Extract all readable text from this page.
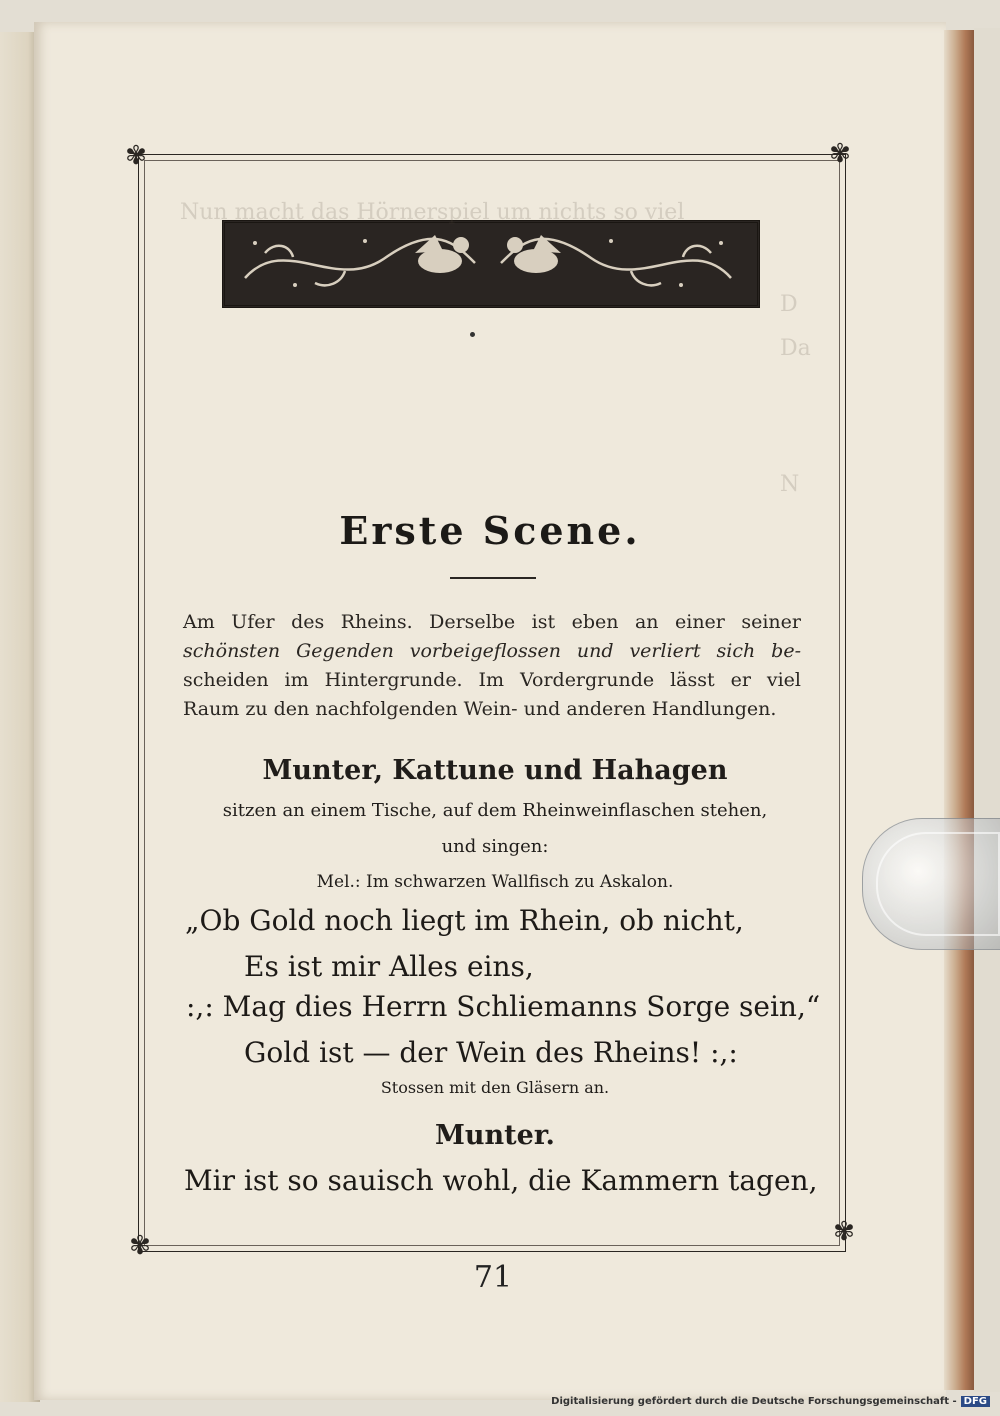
✾	✾
✾	✾
Nun macht das Hörnerspiel um nichts so viel
D
Da
N
Erste Scene.
Am Ufer des Rheins. Derselbe ist eben an einer seiner
schönsten Gegenden vorbeigeflossen und verliert sich be-
scheiden im Hintergrunde. Im Vordergrunde lässt er viel
Raum zu den nachfolgenden Wein- und anderen Handlungen.
Munter, Kattune und Hahagen
sitzen an einem Tische, auf dem Rheinweinflaschen stehen,
und singen:
Mel.: Im schwarzen Wallfisch zu Askalon.
„Ob Gold noch liegt im Rhein, ob nicht,
Es ist mir Alles eins,
:,: Mag dies Herrn Schliemanns Sorge sein,“
Gold ist — der Wein des Rheins! :,:
Stossen mit den Gläsern an.
Munter.
Mir ist so sauisch wohl, die Kammern tagen,
71
Digitalisierung gefördert durch die Deutsche Forschungsgemeinschaft - DFG
